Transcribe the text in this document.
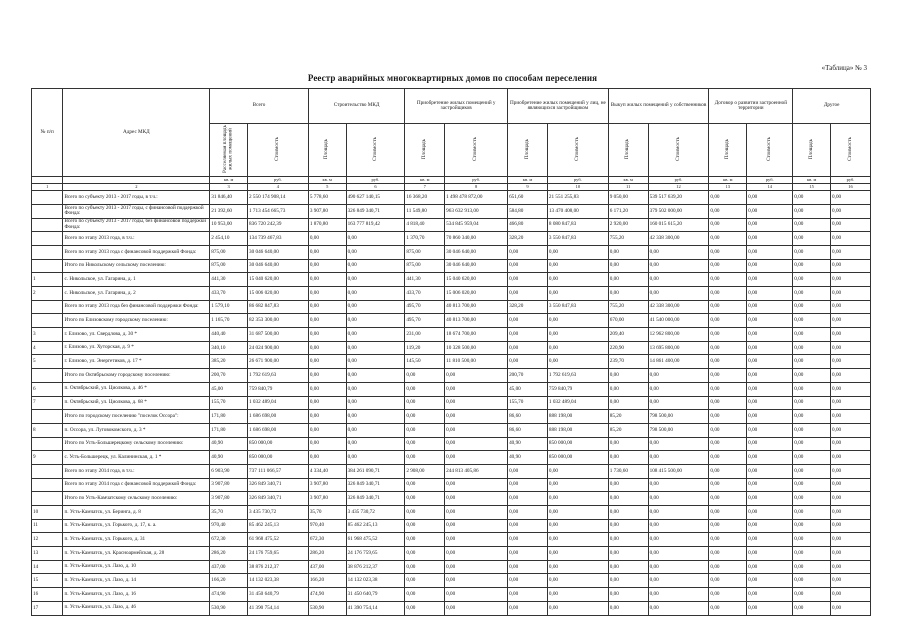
«Таблица» № 3
Реестр аварийных многоквартирных домов по способам переселения
№ п/п	Адрес МКД	Всего		Строительство МКД		Приобретение жилых помещений у застройщиков		Приобретение жилых помещений у лиц, не являющихся застройщиком		Выкуп жилых помещений у собственников		Договор о развитии застроенной территории		Другое	
		Расселяемая площадь жилых помещений	Стоимость	Площадь	Стоимость	Площадь	Стоимость	Площадь	Стоимость	Площадь	Стоимость	Площадь	Стоимость	Площадь	Стоимость
		кв. м	руб.	кв. м	руб.	кв. м	руб.	кв. м	руб.	кв. м	руб.	кв. м	руб.	кв. м	руб.
1	2	3	4	5	6	7	8	9	10	11	12	13	14	15	16
	Всего по субъекту 2013 - 2017 годы, в т.ч.:	31 846,40	2 550 174 908,14	5 778,60	490 627 140,15	16 368,20	1 498 478 872,00	651,60	21 551 255,83	9 050,00	539 517 639,20	0,00	0,00	0,00	0,00
	Всего по субъекту 2013 - 2017 годы, с финансовой поддержкой Фонда:	21 392,60	1 713 454 665,73	3 907,80	326 849 340,71	11 549,80	963 632 913,00	584,80	13 470 408,00	6 171,20	379 502 000,00	0,00	0,00	0,00	0,00
	Всего по субъекту 2013 - 2017 годы, без финансовой поддержки Фонда:	10 953,00	836 720 242,39	1 870,80	163 777 819,42	4 818,40	534 845 959,04	466,80	8 080 847,83	2 920,00	160 015 615,20	0,00	0,00	0,00	0,00
	Всего по этапу 2013 года, в т.ч.:	2 454,10	134 739 467,83	0,00	0,00	1 370,70	70 860 340,00	328,20	3 550 847,83	755,20	42 338 300,00	0,00	0,00	0,00	0,00
	Всего по этапу 2013 года с финансовой поддержкой Фонда:	875,00	30 046 640,00	0,00	0,00	875,00	30 046 640,00	0,00	0,00	0,00	0,00	0,00	0,00	0,00	0,00
	Итого по Никольскому сельскому поселению:	875,00	30 046 640,00	0,00	0,00	875,00	30 046 640,00	0,00	0,00	0,00	0,00	0,00	0,00	0,00	0,00
1	с. Никольское, ул. Гагарина, д. 1	441,30	15 040 620,00	0,00	0,00	441,30	15 040 620,00	0,00	0,00	0,00	0,00	0,00	0,00	0,00	0,00
2	с. Никольское, ул. Гагарина, д. 2	433,70	15 006 020,00	0,00	0,00	433,70	15 006 020,00	0,00	0,00	0,00	0,00	0,00	0,00	0,00	0,00
	Всего по этапу 2013 года без финансовой поддержки Фонда:	1 579,10	86 682 847,83	0,00	0,00	495,70	40 813 700,00	328,20	3 550 847,83	755,20	42 338 300,00	0,00	0,00	0,00	0,00
	Итого по Елизовскому городскому поселению:	1 165,70	82 353 300,00	0,00	0,00	495,70	40 813 700,00	0,00	0,00	670,00	41 540 000,00	0,00	0,00	0,00	0,00
3	г. Елизово, ул. Свердлова, д. 30 *	440,40	31 687 500,00	0,00	0,00	231,00	18 674 700,00	0,00	0,00	209,40	12 962 800,00	0,00	0,00	0,00	0,00
4	г. Елизово, ул. Хуторская, д. 9 *	340,10	24 024 900,00	0,00	0,00	119,20	10 328 500,00	0,00	0,00	220,90	13 695 800,00	0,00	0,00	0,00	0,00
5	г. Елизово, ул. Энергетиков, д. 17 *	385,20	26 671 900,00	0,00	0,00	145,50	11 810 500,00	0,00	0,00	239,70	14 861 400,00	0,00	0,00	0,00	0,00
	Итого по Октябрьскому городскому поселению:	200,70	1 792 619,63	0,00	0,00	0,00	0,00	200,70	1 792 619,63	0,00	0,00	0,00	0,00	0,00	0,00
6	п. Октябрьский, ул. Циолкова, д. 46 *	45,00	759 840,79	0,00	0,00	0,00	0,00	45,00	759 840,79	0,00	0,00	0,00	0,00	0,00	0,00
7	п. Октябрьский, ул. Циолкова, д. 68 *	155,70	1 032 489,04	0,00	0,00	0,00	0,00	155,70	1 032 489,04	0,00	0,00	0,00	0,00	0,00	0,00
	Итого по городскому поселению "поселок Оссора":	171,80	1 686 698,00	0,00	0,00	0,00	0,00	86,60	888 198,00	85,20	798 500,00	0,00	0,00	0,00	0,00
8	п. Оссора, ул. Луговокомского, д. 3 *	171,80	1 686 698,00	0,00	0,00	0,00	0,00	86,60	888 198,00	85,20	798 500,00	0,00	0,00	0,00	0,00
	Итого по Усть-Большерецкому сельскому поселению:	40,90	850 000,00	0,00	0,00	0,00	0,00	40,90	850 000,00	0,00	0,00	0,00	0,00	0,00	0,00
9	с. Усть-Большерецк, ул. Калининская, д. 1 *	40,90	850 000,00	0,00	0,00	0,00	0,00	40,90	850 000,00	0,00	0,00	0,00	0,00	0,00	0,00
	Всего по этапу 2014 года, в т.ч.:	6 903,90	737 111 066,57	4 334,40	384 261 090,71	2 908,00	244 813 405,86	0,00	0,00	1 730,60	108 415 500,00	0,00	0,00	0,00	0,00
	Всего по этапу 2014 года с финансовой поддержкой Фонда:	3 907,80	326 849 340,71	3 907,80	326 849 340,71	0,00	0,00	0,00	0,00	0,00	0,00	0,00	0,00	0,00	0,00
	Итого по Усть-Камчатскому сельскому поселению:	3 907,80	326 849 340,71	3 907,80	326 849 340,71	0,00	0,00	0,00	0,00	0,00	0,00	0,00	0,00	0,00	0,00
10	п. Усть-Камчатск, ул. Беринга, д. 8	35,70	3 435 730,72	35,70	3 435 730,72	0,00	0,00	0,00	0,00	0,00	0,00	0,00	0,00	0,00	0,00
11	п. Усть-Камчатск, ул. Горького, д. 17, к. а.	970,40	85 462 245,13	970,40	85 462 245,13	0,00	0,00	0,00	0,00	0,00	0,00	0,00	0,00	0,00	0,00
12	п. Усть-Камчатск, ул. Горького, д. 31	672,30	61 968 475,52	672,30	61 968 475,52	0,00	0,00	0,00	0,00	0,00	0,00	0,00	0,00	0,00	0,00
13	п. Усть-Камчатск, ул. Красноармейская, д. 28	286,20	24 176 759,65	286,20	24 176 759,65	0,00	0,00	0,00	0,00	0,00	0,00	0,00	0,00	0,00	0,00
14	п. Усть-Камчатск, ул. Лазо, д. 10	437,00	38 876 212,37	437,00	38 876 212,37	0,00	0,00	0,00	0,00	0,00	0,00	0,00	0,00	0,00	0,00
15	п. Усть-Камчатск, ул. Лазо, д. 14	166,20	14 132 023,38	166,20	14 132 023,38	0,00	0,00	0,00	0,00	0,00	0,00	0,00	0,00	0,00	0,00
16	п. Усть-Камчатск, ул. Лазо, д. 16	474,90	31 450 640,79	474,90	31 450 640,79	0,00	0,00	0,00	0,00	0,00	0,00	0,00	0,00	0,00	0,00
17	п. Усть-Камчатск, ул. Лазо, д. 46	530,90	41 390 754,14	530,90	41 390 754,14	0,00	0,00	0,00	0,00	0,00	0,00	0,00	0,00	0,00	0,00
